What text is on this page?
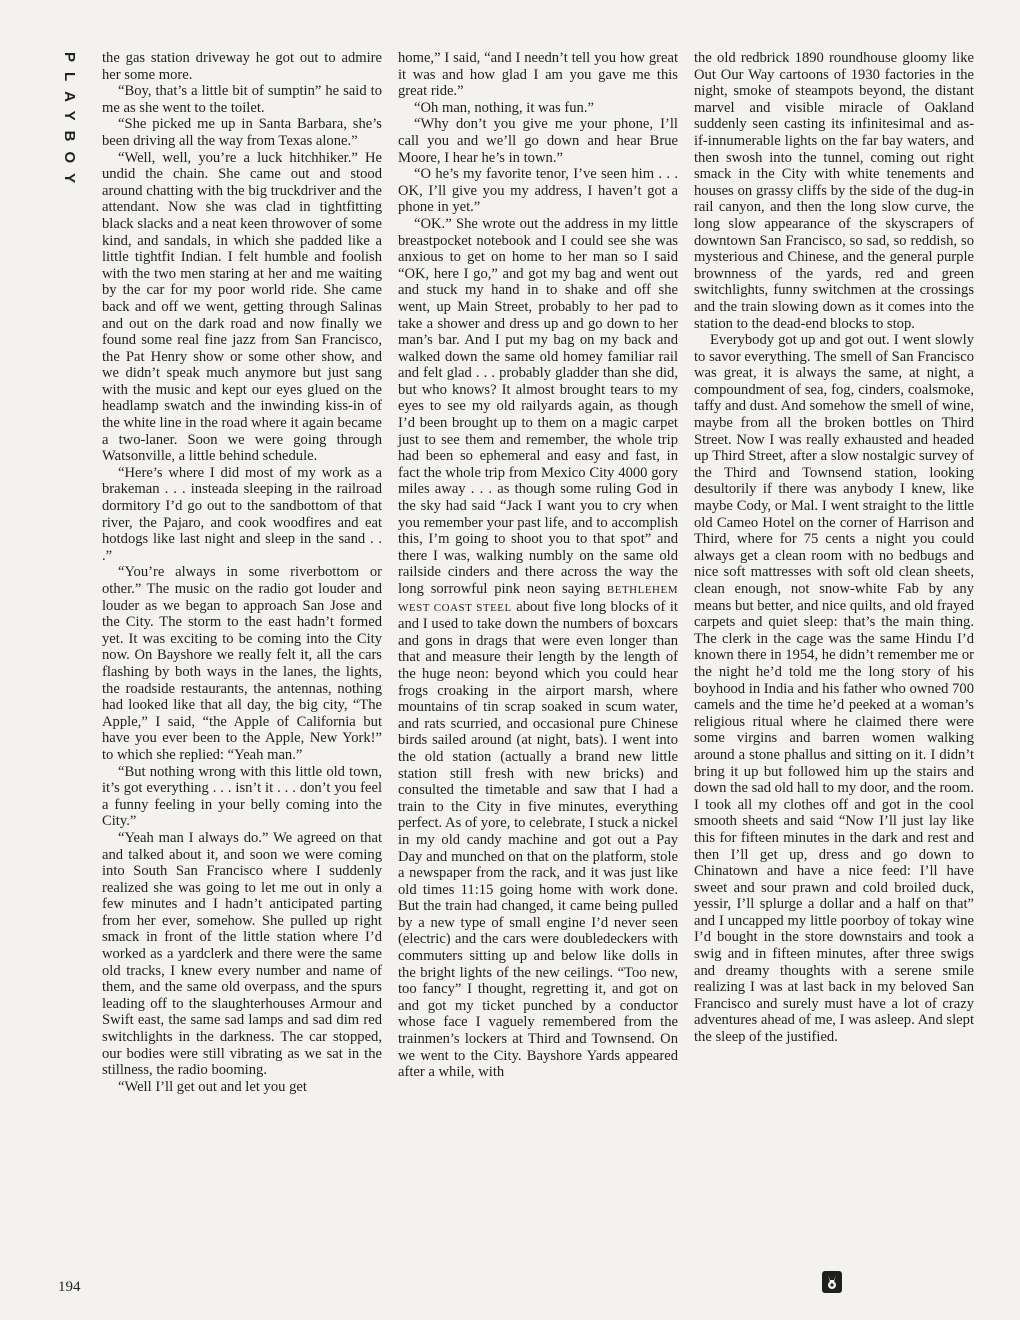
PLAYBOY the gas station driveway he got out to admire her some more.

“Boy, that’s a little bit of sumptin” he said to me as she went to the toilet.

“She picked me up in Santa Barbara, she’s been driving all the way from Texas alone.”

“Well, well, you’re a luck hitchhiker.” He undid the chain. She came out and stood around chatting with the big truckdriver and the attendant. Now she was clad in tightfitting black slacks and a neat keen throwover of some kind, and sandals, in which she padded like a little tightfit Indian. I felt humble and foolish with the two men staring at her and me waiting by the car for my poor world ride. She came back and off we went, getting through Salinas and out on the dark road and now finally we found some real fine jazz from San Francisco, the Pat Henry show or some other show, and we didn’t speak much anymore but just sang with the music and kept our eyes glued on the headlamp swatch and the inwinding kiss-in of the white line in the road where it again became a two-laner. Soon we were going through Watsonville, a little behind schedule.

“Here’s where I did most of my work as a brakeman . . . insteada sleeping in the railroad dormitory I’d go out to the sandbottom of that river, the Pajaro, and cook woodfires and eat hotdogs like last night and sleep in the sand . . .”

“You’re always in some riverbottom or other.” The music on the radio got louder and louder as we began to approach San Jose and the City. The storm to the east hadn’t formed yet. It was exciting to be coming into the City now. On Bayshore we really felt it, all the cars flashing by both ways in the lanes, the lights, the roadside restaurants, the antennas, nothing had looked like that all day, the big city, “The Apple,” I said, “the Apple of California but have you ever been to the Apple, New York!” to which she replied: “Yeah man.”

“But nothing wrong with this little old town, it’s got everything . . . isn’t it . . . don’t you feel a funny feeling in your belly coming into the City.”

“Yeah man I always do.” We agreed on that and talked about it, and soon we were coming into South San Francisco where I suddenly realized she was going to let me out in only a few minutes and I hadn’t anticipated parting from her ever, somehow. She pulled up right smack in front of the little station where I’d worked as a yardclerk and there were the same old tracks, I knew every number and name of them, and the same old overpass, and the spurs leading off to the slaughterhouses Armour and Swift east, the same sad lamps and sad dim red switchlights in the darkness. The car stopped, our bodies were still vibrating as we sat in the stillness, the radio booming.

“Well I’ll get out and let you get

home,” I said, “and I needn’t tell you how great it was and how glad I am you gave me this great ride.”

“Oh man, nothing, it was fun.”

“Why don’t you give me your phone, I’ll call you and we’ll go down and hear Brue Moore, I hear he’s in town.”

“O he’s my favorite tenor, I’ve seen him . . . OK, I’ll give you my address, I haven’t got a phone in yet.”

“OK.” She wrote out the address in my little breastpocket notebook and I could see she was anxious to get on home to her man so I said “OK, here I go,” and got my bag and went out and stuck my hand in to shake and off she went, up Main Street, probably to her pad to take a shower and dress up and go down to her man’s bar. And I put my bag on my back and walked down the same old homey familiar rail and felt glad . . . probably gladder than she did, but who knows? It almost brought tears to my eyes to see my old railyards again, as though I’d been brought up to them on a magic carpet just to see them and remember, the whole trip had been so ephemeral and easy and fast, in fact the whole trip from Mexico City 4000 gory miles away . . . as though some ruling God in the sky had said “Jack I want you to cry when you remember your past life, and to accomplish this, I’m going to shoot you to that spot” and there I was, walking numbly on the same old railside cinders and there across the way the long sorrowful pink neon saying BETHLEHEM WEST COAST STEEL about five long blocks of it and I used to take down the numbers of boxcars and gons in drags that were even longer than that and measure their length by the length of the huge neon: beyond which you could hear frogs croaking in the airport marsh, where mountains of tin scrap soaked in scum water, and rats scurried, and occasional pure Chinese birds sailed around (at night, bats). I went into the old station (actually a brand new little station still fresh with new bricks) and consulted the timetable and saw that I had a train to the City in five minutes, everything perfect. As of yore, to celebrate, I stuck a nickel in my old candy machine and got out a Pay Day and munched on that on the platform, stole a newspaper from the rack, and it was just like old times 11:15 going home with work done. But the train had changed, it came being pulled by a new type of small engine I’d never seen (electric) and the cars were doubledeckers with commuters sitting up and below like dolls in the bright lights of the new ceilings. “Too new, too fancy” I thought, regretting it, and got on and got my ticket punched by a conductor whose face I vaguely remembered from the trainmen’s lockers at Third and Townsend. On we went to the City. Bayshore Yards appeared after a while, with

the old redbrick 1890 roundhouse gloomy like Out Our Way cartoons of 1930 factories in the night, smoke of steampots beyond, the distant marvel and visible miracle of Oakland suddenly seen casting its infinitesimal and as-if-innumerable lights on the far bay waters, and then swosh into the tunnel, coming out right smack in the City with white tenements and houses on grassy cliffs by the side of the dug-in rail canyon, and then the long slow curve, the long slow appearance of the skyscrapers of downtown San Francisco, so sad, so reddish, so mysterious and Chinese, and the general purple brownness of the yards, red and green switchlights, funny switchmen at the crossings and the train slowing down as it comes into the station to the dead-end blocks to stop.

Everybody got up and got out. I went slowly to savor everything. The smell of San Francisco was great, it is always the same, at night, a compoundment of sea, fog, cinders, coalsmoke, taffy and dust. And somehow the smell of wine, maybe from all the broken bottles on Third Street. Now I was really exhausted and headed up Third Street, after a slow nostalgic survey of the Third and Townsend station, looking desultorily if there was anybody I knew, like maybe Cody, or Mal. I went straight to the little old Cameo Hotel on the corner of Harrison and Third, where for 75 cents a night you could always get a clean room with no bedbugs and nice soft mattresses with soft old clean sheets, clean enough, not snow-white Fab by any means but better, and nice quilts, and old frayed carpets and quiet sleep: that’s the main thing. The clerk in the cage was the same Hindu I’d known there in 1954, he didn’t remember me or the night he’d told me the long story of his boyhood in India and his father who owned 700 camels and the time he’d peeked at a woman’s religious ritual where he claimed there were some virgins and barren women walking around a stone phallus and sitting on it. I didn’t bring it up but followed him up the stairs and down the sad old hall to my door, and the room. I took all my clothes off and got in the cool smooth sheets and said “Now I’ll just lay like this for fifteen minutes in the dark and rest and then I’ll get up, dress and go down to Chinatown and have a nice feed: I’ll have sweet and sour prawn and cold broiled duck, yessir, I’ll splurge a dollar and a half on that” and I uncapped my little poorboy of tokay wine I’d bought in the store downstairs and took a swig and in fifteen minutes, after three swigs and dreamy thoughts with a serene smile realizing I was at last back in my beloved San Francisco and surely must have a lot of crazy adventures ahead of me, I was asleep. And slept the sleep of the justified.

194
